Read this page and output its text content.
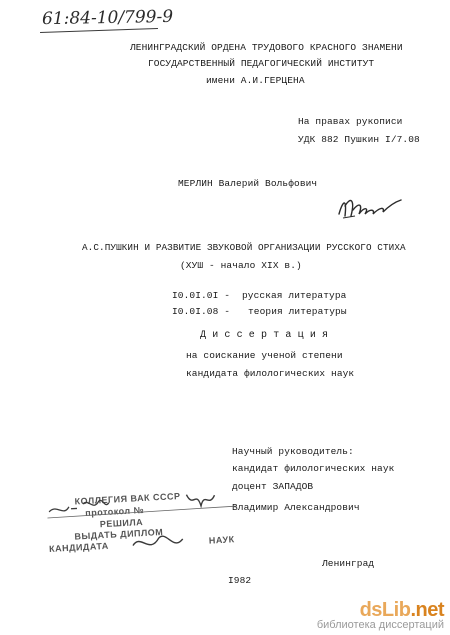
61:84-10/799-9
ЛЕНИНГРАДСКИЙ ОРДЕНА ТРУДОВОГО КРАСНОГО ЗНАМЕНИ
ГОСУДАРСТВЕННЫЙ ПЕДАГОГИЧЕСКИЙ ИНСТИТУТ
имени А.И.ГЕРЦЕНА
На правах рукописи
УДК 882 Пушкин I/7.08
МЕРЛИН Валерий Вольфович
А.С.ПУШКИН И РАЗВИТИЕ ЗВУКОВОЙ ОРГАНИЗАЦИИ РУССКОГО СТИХА
(ХУШ - начало XIX в.)
I0.0I.0I - русская литература
I0.0I.08 - теория литературы
Д и с с е р т а ц и я
на соискание ученой степени
кандидата филологических наук
Научный руководитель:
кандидат филологических наук
доцент ЗАПАДОВ
Владимир Александрович
КОЛЛЕГИЯ ВАК СССР
протокол №
РЕШИЛА
ВЫДАТЬ ДИПЛОМ
КАНДИДАТА
НАУК
Ленинград
I982
dsLib.net
библиотека диссертаций
